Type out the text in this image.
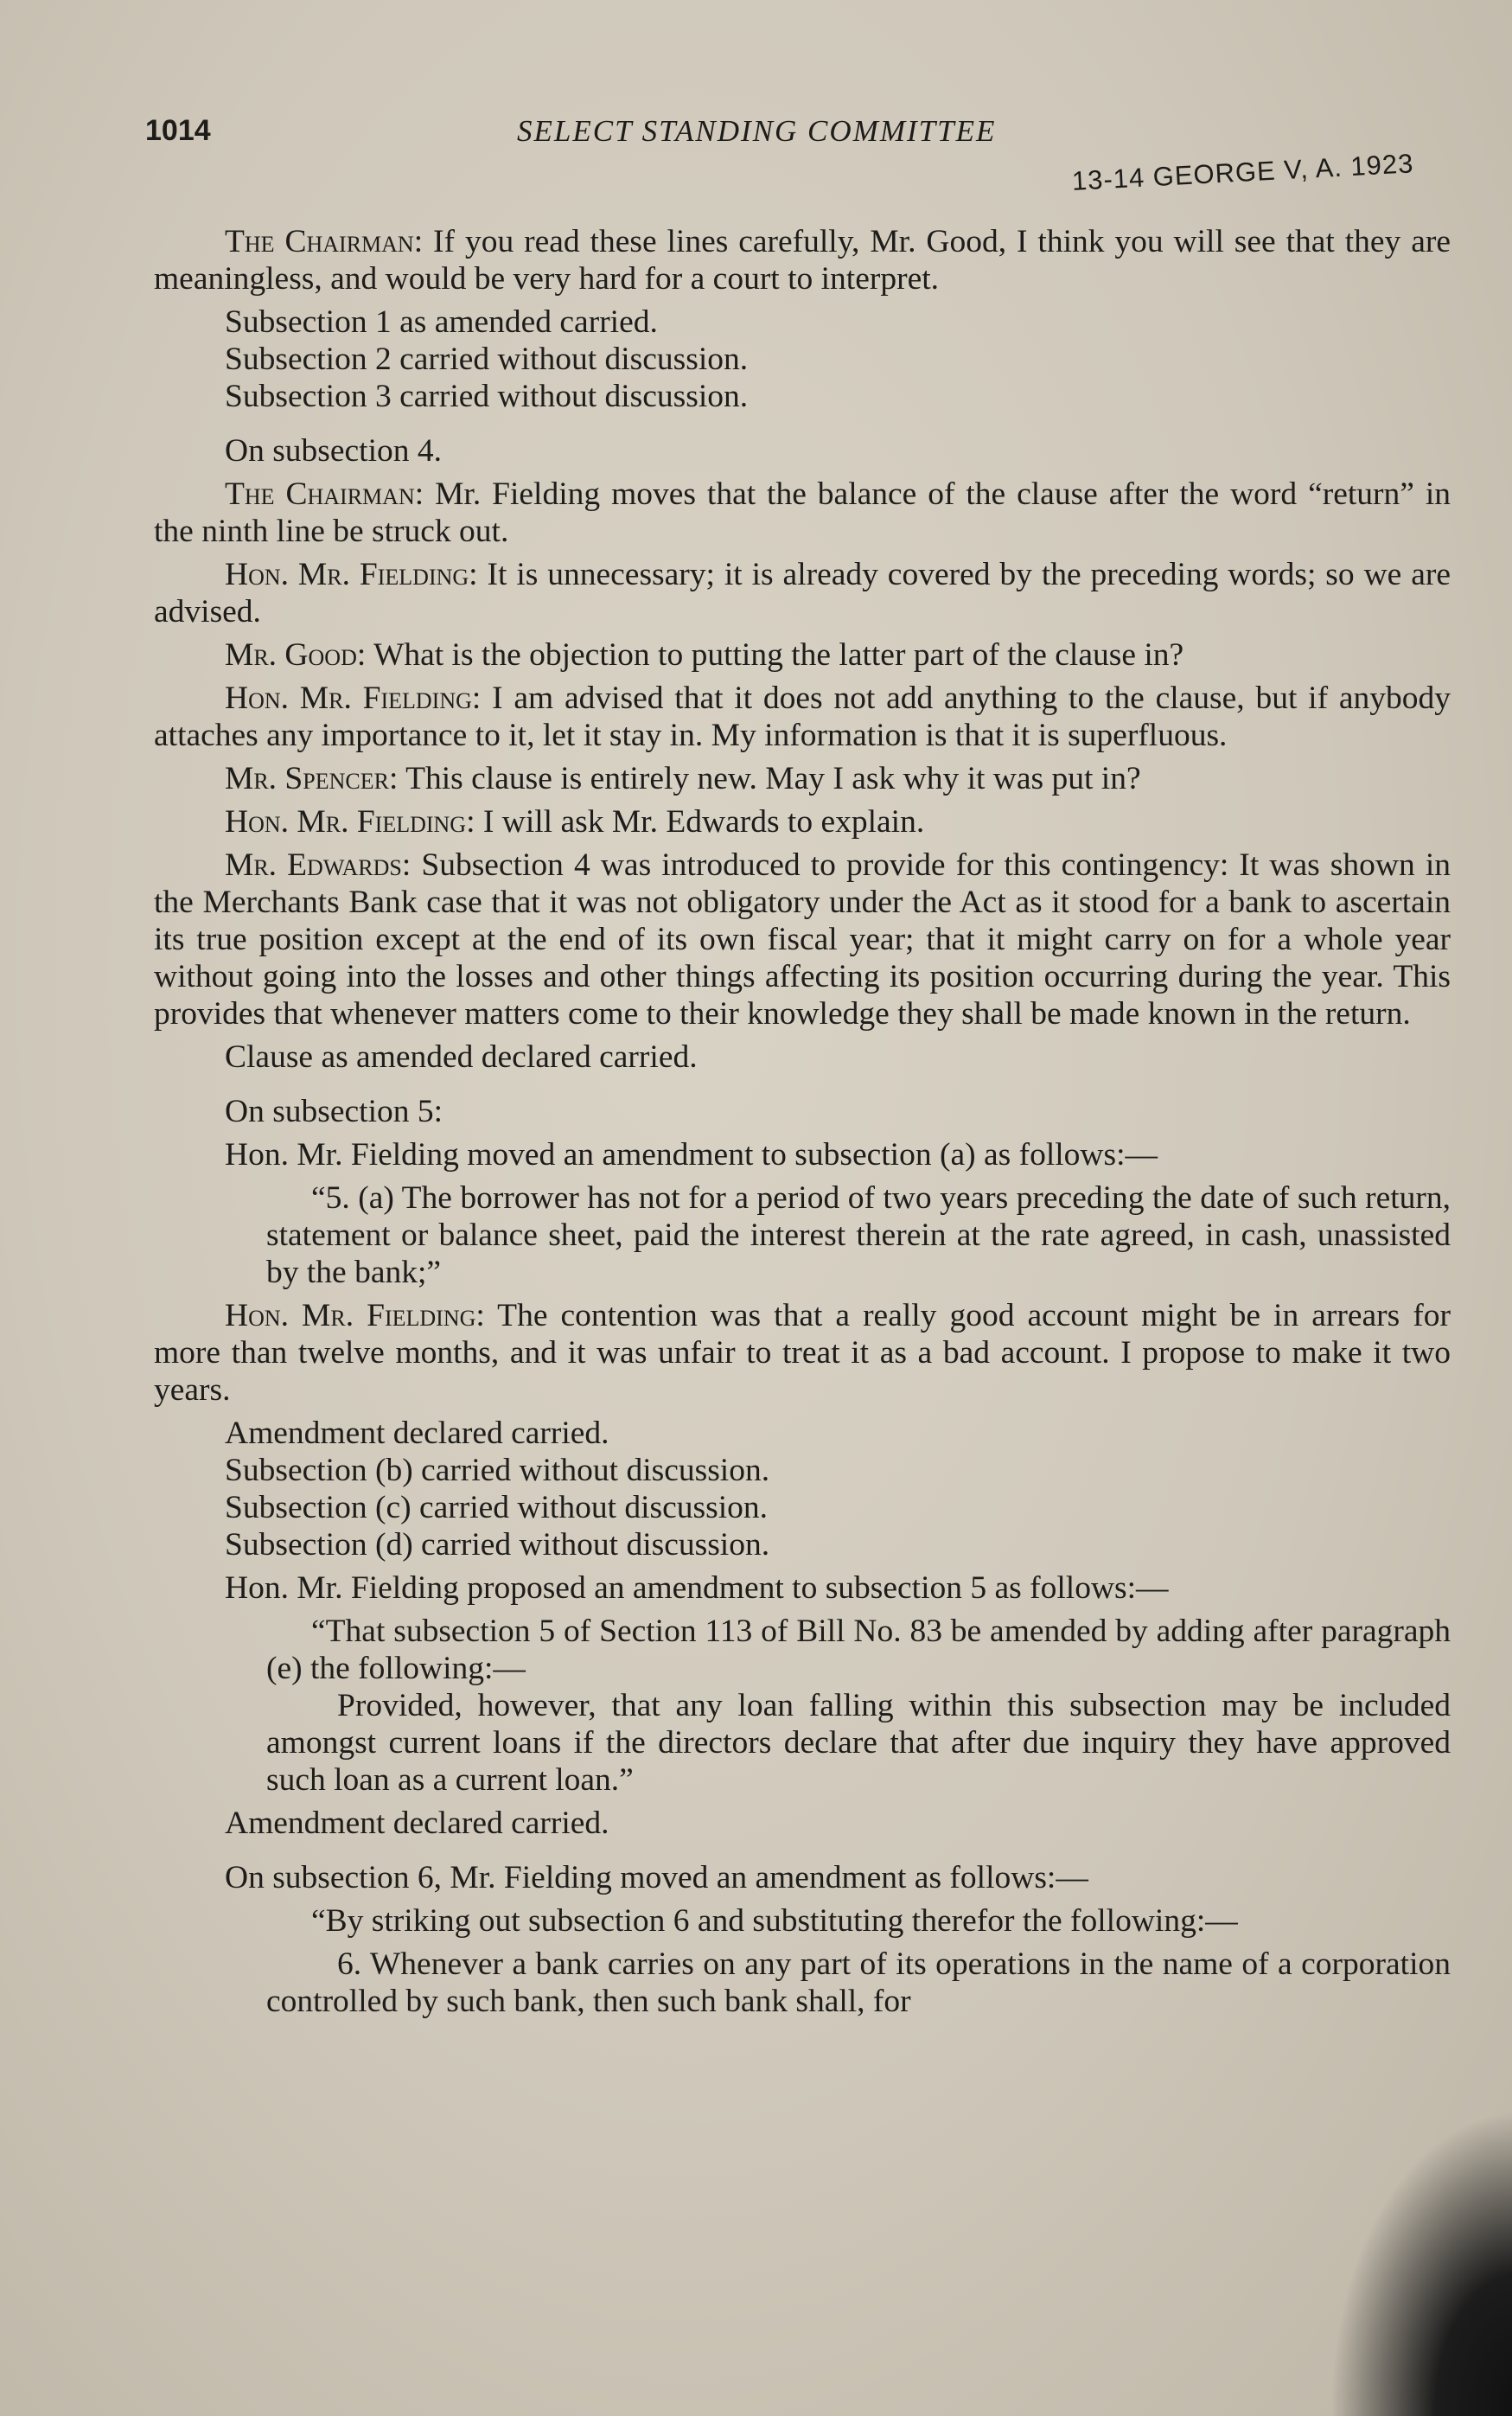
1014	SELECT STANDING COMMITTEE
13-14 GEORGE V, A. 1923

The Chairman: If you read these lines carefully, Mr. Good, I think you will see that they are meaningless, and would be very hard for a court to interpret.

Subsection 1 as amended carried.

Subsection 2 carried without discussion.

Subsection 3 carried without discussion.

On subsection 4.

The Chairman: Mr. Fielding moves that the balance of the clause after the word “return” in the ninth line be struck out.

Hon. Mr. Fielding: It is unnecessary; it is already covered by the preceding words; so we are advised.

Mr. Good: What is the objection to putting the latter part of the clause in?

Hon. Mr. Fielding: I am advised that it does not add anything to the clause, but if anybody attaches any importance to it, let it stay in. My information is that it is superfluous.

Mr. Spencer: This clause is entirely new. May I ask why it was put in?

Hon. Mr. Fielding: I will ask Mr. Edwards to explain.

Mr. Edwards: Subsection 4 was introduced to provide for this contingency: It was shown in the Merchants Bank case that it was not obligatory under the Act as it stood for a bank to ascertain its true position except at the end of its own fiscal year; that it might carry on for a whole year without going into the losses and other things affecting its position occurring during the year. This provides that whenever matters come to their knowledge they shall be made known in the return.

Clause as amended declared carried.

On subsection 5:

Hon. Mr. Fielding moved an amendment to subsection (a) as follows:—

“5. (a) The borrower has not for a period of two years preceding the date of such return, statement or balance sheet, paid the interest therein at the rate agreed, in cash, unassisted by the bank;”

Hon. Mr. Fielding: The contention was that a really good account might be in arrears for more than twelve months, and it was unfair to treat it as a bad account. I propose to make it two years.

Amendment declared carried.

Subsection (b) carried without discussion.

Subsection (c) carried without discussion.

Subsection (d) carried without discussion.

Hon. Mr. Fielding proposed an amendment to subsection 5 as follows:—

“That subsection 5 of Section 113 of Bill No. 83 be amended by adding after paragraph (e) the following:—

Provided, however, that any loan falling within this subsection may be included amongst current loans if the directors declare that after due inquiry they have approved such loan as a current loan.”

Amendment declared carried.

On subsection 6, Mr. Fielding moved an amendment as follows:—

“By striking out subsection 6 and substituting therefor the following:—

6. Whenever a bank carries on any part of its operations in the name of a corporation controlled by such bank, then such bank shall, for
